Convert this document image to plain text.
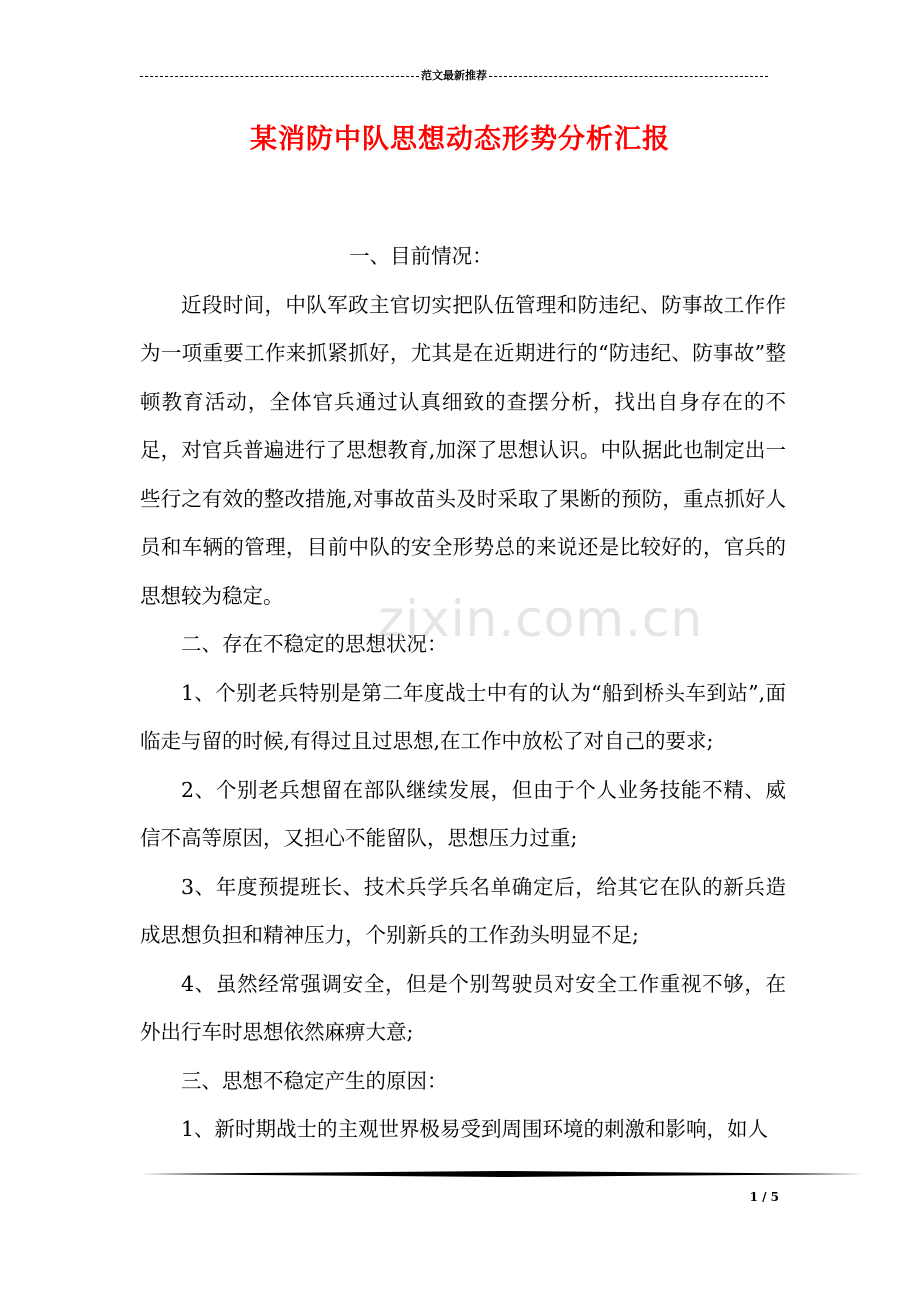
范文最新推荐
某消防中队思想动态形势分析汇报

一、目前情况：

近段时间，中队军政主官切实把队伍管理和防违纪、防事故工作作为一项重要工作来抓紧抓好，尤其是在近期进行的“防违纪、防事故”整顿教育活动，全体官兵通过认真细致的查摆分析，找出自身存在的不足，对官兵普遍进行了思想教育,加深了思想认识。中队据此也制定出一些行之有效的整改措施,对事故苗头及时采取了果断的预防，重点抓好人员和车辆的管理，目前中队的安全形势总的来说还是比较好的，官兵的思想较为稳定。

二、存在不稳定的思想状况：

1、个别老兵特别是第二年度战士中有的认为“船到桥头车到站”,面临走与留的时候,有得过且过思想,在工作中放松了对自己的要求;

2、个别老兵想留在部队继续发展，但由于个人业务技能不精、威信不高等原因，又担心不能留队，思想压力过重;

3、年度预提班长、技术兵学兵名单确定后，给其它在队的新兵造成思想负担和精神压力，个别新兵的工作劲头明显不足;

4、虽然经常强调安全，但是个别驾驶员对安全工作重视不够，在外出行车时思想依然麻痹大意;

三、思想不稳定产生的原因：

1、新时期战士的主观世界极易受到周围环境的刺激和影响，如人

zixin.com.cn
1 / 5
